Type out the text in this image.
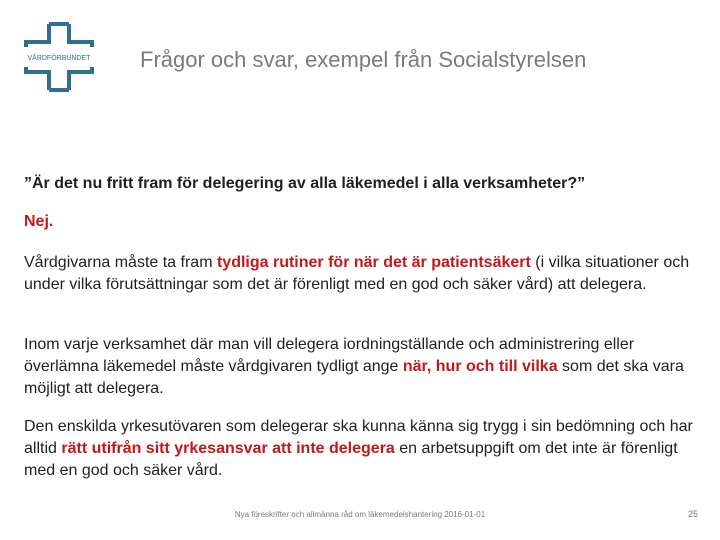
VÅRDFÖRBUNDET Frågor och svar, exempel från Socialstyrelsen
”Är det nu fritt fram för delegering av alla läkemedel i alla verksamheter?”
Nej.
Vårdgivarna måste ta fram tydliga rutiner för när det är patientsäkert (i vilka situationer och under vilka förutsättningar som det är förenligt med en god och säker vård) att delegera.
Inom varje verksamhet där man vill delegera iordningställande och administrering eller överlämna läkemedel måste vårdgivaren tydligt ange när, hur och till vilka som det ska vara möjligt att delegera.
Den enskilda yrkesutövaren som delegerar ska kunna känna sig trygg i sin bedömning och har alltid rätt utifrån sitt yrkesansvar att inte delegera en arbetsuppgift om det inte är förenligt med en god och säker vård.
Nya föreskrifter och allmänna råd om läkemedelshantering 2016-01-01	25
